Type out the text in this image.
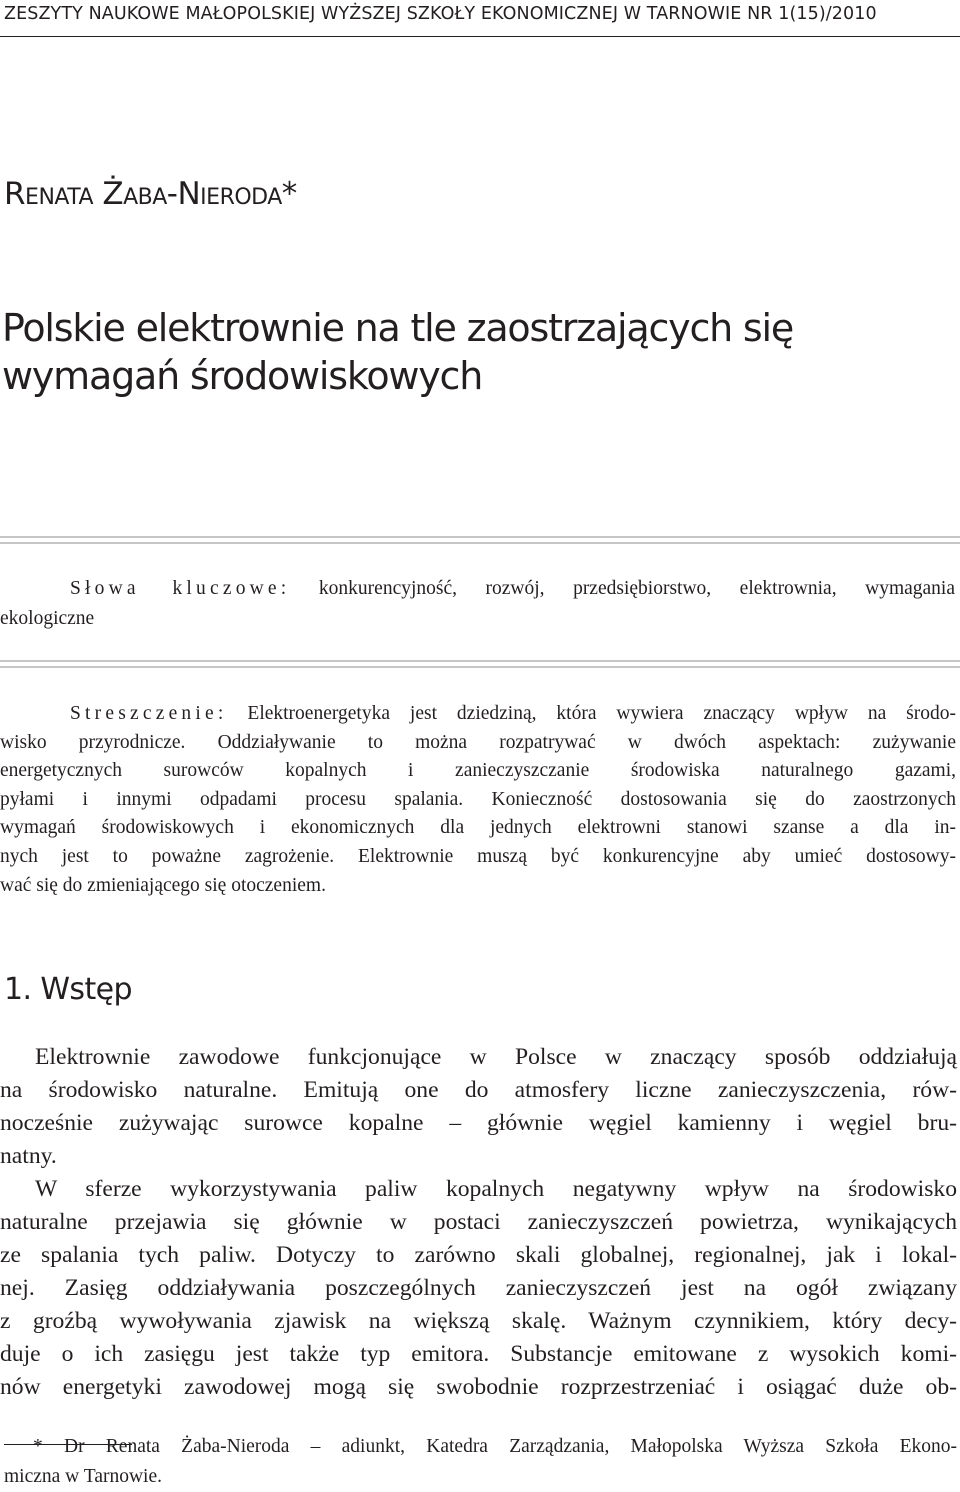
ZESZYTY NAUKOWE MAŁOPOLSKIEJ WYŻSZEJ SZKOŁY EKONOMICZNEJ W TARNOWIE NR 1(15)/2010
Renata Żaba-Nieroda*
Polskie elektrownie na tle zaostrzających się
wymagań środowiskowych
Słowa kluczowe: konkurencyjność, rozwój, przedsiębiorstwo, elektrownia, wymagania
ekologiczne
Streszczenie: Elektroenergetyka jest dziedziną, która wywiera znaczący wpływ na środo-
wisko przyrodnicze. Oddziaływanie to można rozpatrywać w dwóch aspektach: zużywanie
energetycznych surowców kopalnych i zanieczyszczanie środowiska naturalnego gazami,
pyłami i innymi odpadami procesu spalania. Konieczność dostosowania się do zaostrzonych
wymagań środowiskowych i ekonomicznych dla jednych elektrowni stanowi szanse a dla in-
nych jest to poważne zagrożenie. Elektrownie muszą być konkurencyjne aby umieć dostosowy-
wać się do zmieniającego się otoczeniem.
1. Wstęp
Elektrownie zawodowe funkcjonujące w Polsce w znaczący sposób oddziałują
na środowisko naturalne. Emitują one do atmosfery liczne zanieczyszczenia, rów-
nocześnie zużywając surowce kopalne – głównie węgiel kamienny i węgiel bru-
natny.
W sferze wykorzystywania paliw kopalnych negatywny wpływ na środowisko
naturalne przejawia się głównie w postaci zanieczyszczeń powietrza, wynikających
ze spalania tych paliw. Dotyczy to zarówno skali globalnej, regionalnej, jak i lokal-
nej. Zasięg oddziaływania poszczególnych zanieczyszczeń jest na ogół związany
z groźbą wywoływania zjawisk na większą skalę. Ważnym czynnikiem, który decy-
duje o ich zasięgu jest także typ emitora. Substancje emitowane z wysokich komi-
nów energetyki zawodowej mogą się swobodnie rozprzestrzeniać i osiągać duże ob-
* Dr Renata Żaba-Nieroda – adiunkt, Katedra Zarządzania, Małopolska Wyższa Szkoła Ekono-
miczna w Tarnowie.
